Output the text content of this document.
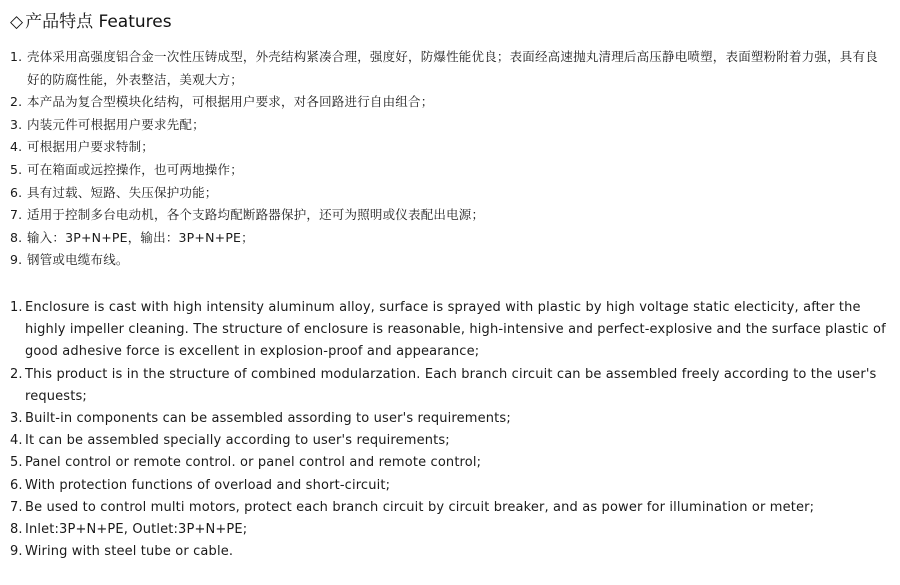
◇ 产品特点 Features
1. 壳体采用高强度铝合金一次性压铸成型，外壳结构紧凑合理，强度好，防爆性能优良；表面经高速抛丸清理后高压静电喷塑，表面塑粉附着力强，具有良好的防腐性能，外表整洁，美观大方；
2. 本产品为复合型模块化结构，可根据用户要求，对各回路进行自由组合；
3. 内装元件可根据用户要求先配；
4. 可根据用户要求特制；
5. 可在箱面或远控操作，也可两地操作；
6. 具有过载、短路、失压保护功能；
7. 适用于控制多台电动机，各个支路均配断路器保护，还可为照明或仪表配出电源；
8. 输入：3P+N+PE，输出：3P+N+PE；
9. 钢管或电缆布线。
1. Enclosure is cast with high intensity aluminum alloy, surface is sprayed with plastic by high voltage static electicity, after the highly impeller cleaning. The structure of enclosure is reasonable, high-intensive and perfect-explosive and the surface plastic of good adhesive force is excellent in explosion-proof and appearance;
2. This product is in the structure of combined modularzation. Each branch circuit can be assembled freely according to the user's requests;
3. Built-in components can be assembled assording to user's requirements;
4. It can be assembled specially according to user's requirements;
5. Panel control or remote control. or panel control and remote control;
6. With protection functions of overload and short-circuit;
7. Be used to control multi motors, protect each branch circuit by circuit breaker, and as power for illumination or meter;
8. Inlet:3P+N+PE, Outlet:3P+N+PE;
9. Wiring with steel tube or cable.
